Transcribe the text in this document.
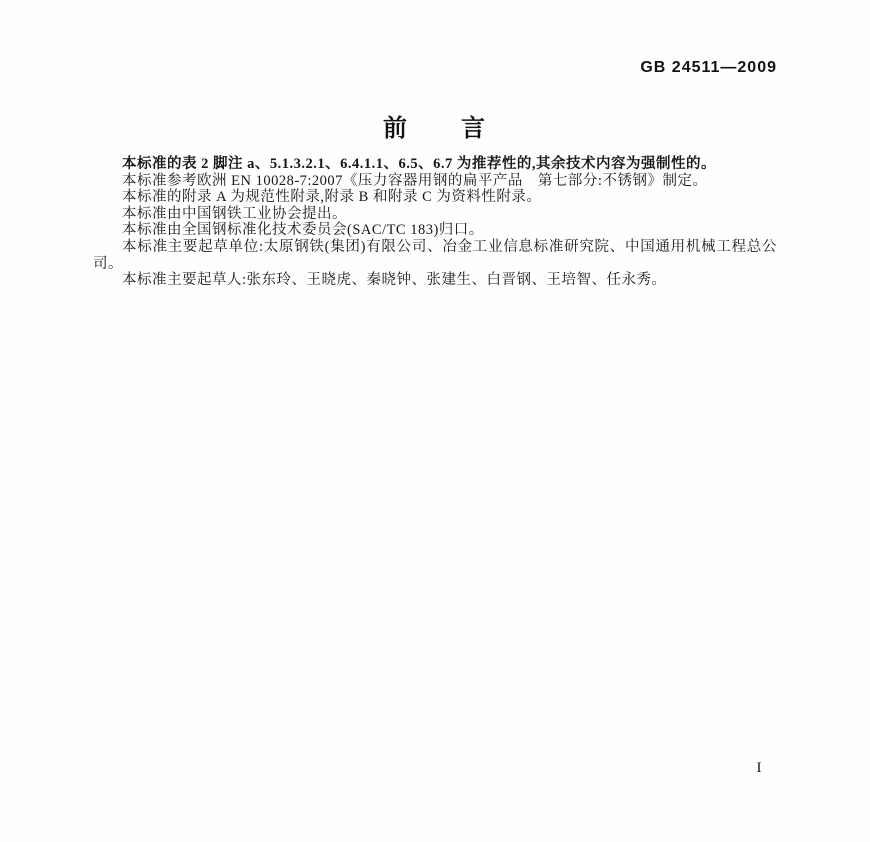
GB 24511—2009
前　　言

本标准的表 2 脚注 a、5.1.3.2.1、6.4.1.1、6.5、6.7 为推荐性的,其余技术内容为强制性的。

本标准参考欧洲 EN 10028-7:2007《压力容器用钢的扁平产品　第七部分:不锈钢》制定。

本标准的附录 A 为规范性附录,附录 B 和附录 C 为资料性附录。

本标准由中国钢铁工业协会提出。

本标准由全国钢标准化技术委员会(SAC/TC 183)归口。

本标准主要起草单位:太原钢铁(集团)有限公司、冶金工业信息标准研究院、中国通用机械工程总公司。

本标准主要起草人:张东玲、王晓虎、秦晓钟、张建生、白晋钢、王培智、任永秀。

I
